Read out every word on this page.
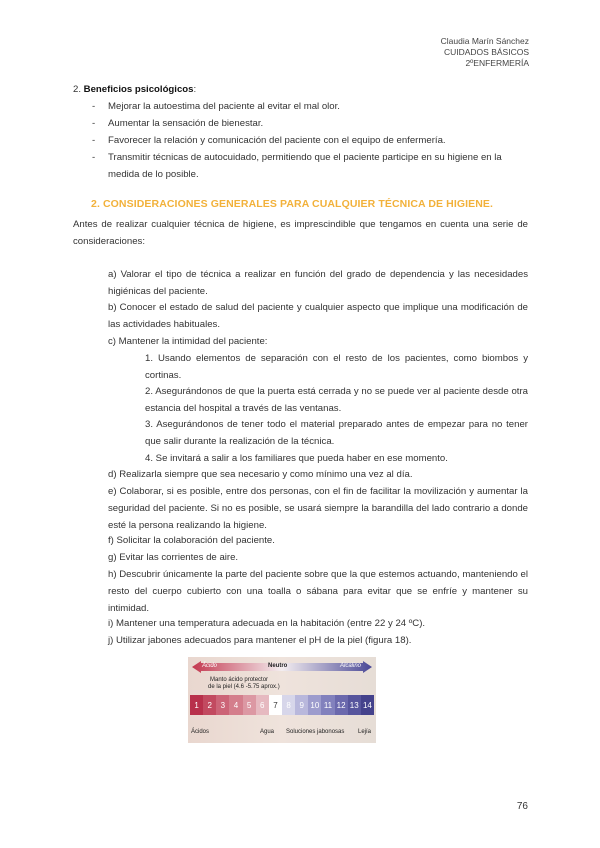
Claudia Marín Sánchez
CUIDADOS BÁSICOS
2ºENFERMERÍA
2. Beneficios psicológicos:
- Mejorar la autoestima del paciente al evitar el mal olor.
- Aumentar la sensación de bienestar.
- Favorecer la relación y comunicación del paciente con el equipo de enfermería.
- Transmitir técnicas de autocuidado, permitiendo que el paciente participe en su higiene en la medida de lo posible.
2. CONSIDERACIONES GENERALES PARA CUALQUIER TÉCNICA DE HIGIENE.
Antes de realizar cualquier técnica de higiene, es imprescindible que tengamos en cuenta una serie de consideraciones:
a) Valorar el tipo de técnica a realizar en función del grado de dependencia y las necesidades higiénicas del paciente.
b) Conocer el estado de salud del paciente y cualquier aspecto que implique una modificación de las actividades habituales.
c) Mantener la intimidad del paciente:
1. Usando elementos de separación con el resto de los pacientes, como biombos y cortinas.
2. Asegurándonos de que la puerta está cerrada y no se puede ver al paciente desde otra estancia del hospital a través de las ventanas.
3. Asegurándonos de tener todo el material preparado antes de empezar para no tener que salir durante la realización de la técnica.
4. Se invitará a salir a los familiares que pueda haber en ese momento.
d) Realizarla siempre que sea necesario y como mínimo una vez al día.
e) Colaborar, si es posible, entre dos personas, con el fin de facilitar la movilización y aumentar la seguridad del paciente. Si no es posible, se usará siempre la barandilla del lado contrario a donde esté la persona realizando la higiene.
f) Solicitar la colaboración del paciente.
g) Evitar las corrientes de aire.
h) Descubrir únicamente la parte del paciente sobre que la que estemos actuando, manteniendo el resto del cuerpo cubierto con una toalla o sábana para evitar que se enfríe y mantener su intimidad.
i) Mantener una temperatura adecuada en la habitación (entre 22 y 24 ºC).
j) Utilizar jabones adecuados para mantener el pH de la piel (figura 18).
Ácido	Neutro	Alcalino
Manto ácido protector
de la piel (4.6 -5.75 aprox.)
1	2	3	4	5	6	7	8	9 10 11 12 13 14
Ácidos	Agua Soluciones jabonosas Lejía
76
